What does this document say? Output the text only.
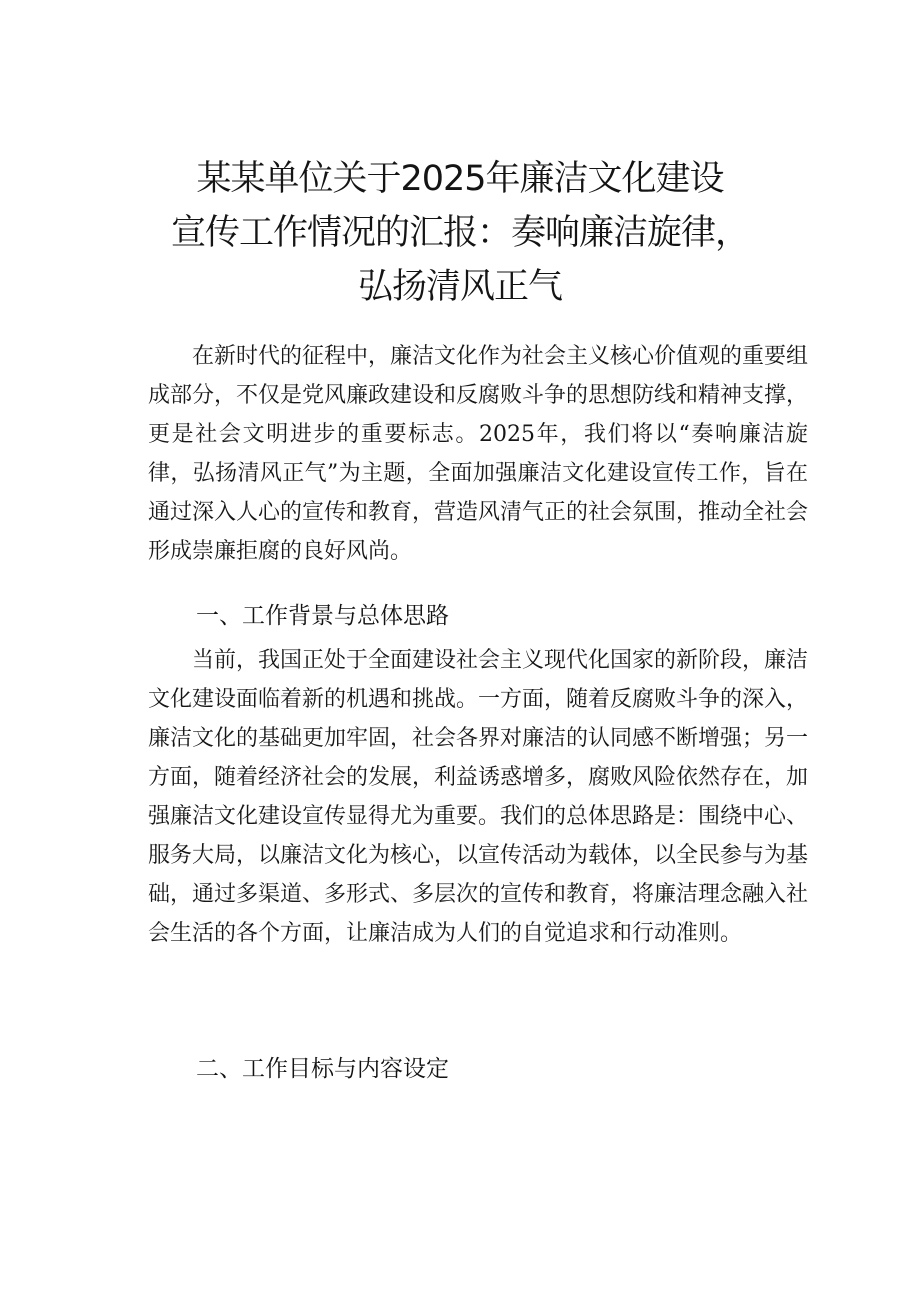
某某单位关于2025年廉洁文化建设
宣传工作情况的汇报：奏响廉洁旋律，
弘扬清风正气

在新时代的征程中，廉洁文化作为社会主义核心价值观的重要组成部分，不仅是党风廉政建设和反腐败斗争的思想防线和精神支撑，更是社会文明进步的重要标志。2025年，我们将以“奏响廉洁旋律，弘扬清风正气”为主题，全面加强廉洁文化建设宣传工作，旨在通过深入人心的宣传和教育，营造风清气正的社会氛围，推动全社会形成崇廉拒腐的良好风尚。

一、工作背景与总体思路

当前，我国正处于全面建设社会主义现代化国家的新阶段，廉洁文化建设面临着新的机遇和挑战。一方面，随着反腐败斗争的深入，廉洁文化的基础更加牢固，社会各界对廉洁的认同感不断增强；另一方面，随着经济社会的发展，利益诱惑增多，腐败风险依然存在，加强廉洁文化建设宣传显得尤为重要。我们的总体思路是：围绕中心、服务大局，以廉洁文化为核心，以宣传活动为载体，以全民参与为基础，通过多渠道、多形式、多层次的宣传和教育，将廉洁理念融入社会生活的各个方面，让廉洁成为人们的自觉追求和行动准则。

二、工作目标与内容设定
